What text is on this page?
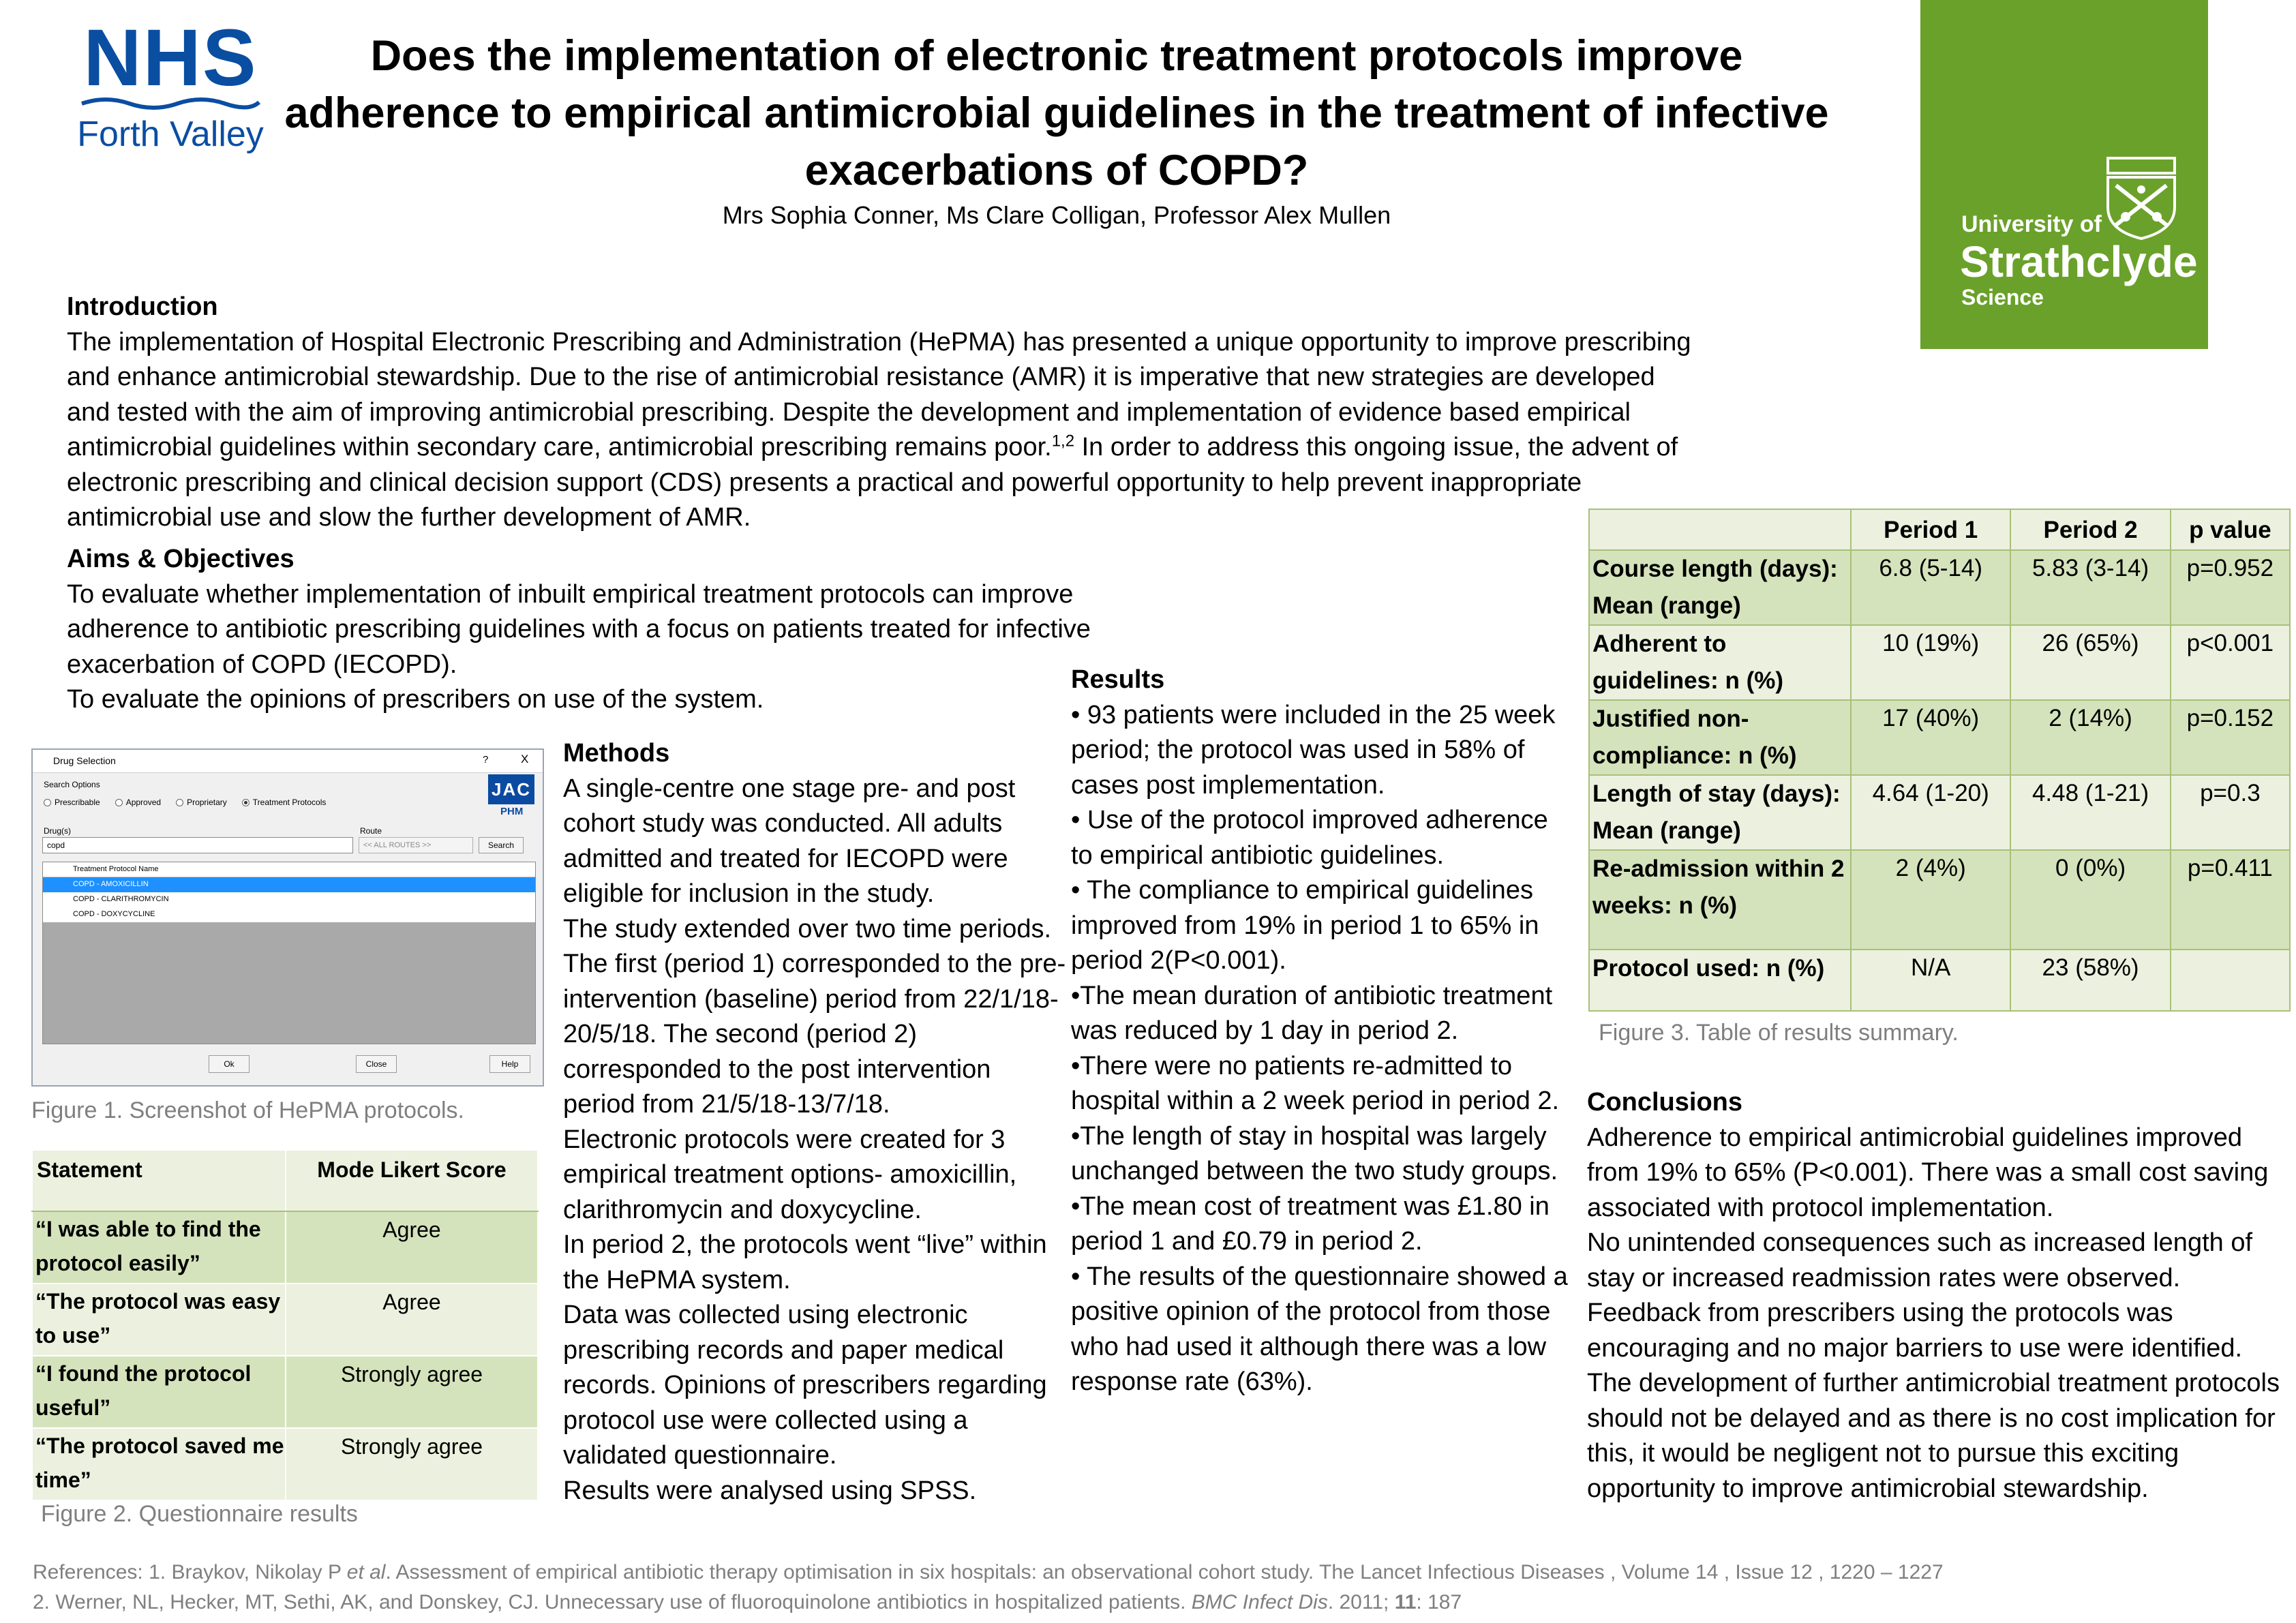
NHS
Forth Valley
Does the implementation of electronic treatment protocols improve adherence to empirical antimicrobial guidelines in the treatment of infective exacerbations of COPD?
Mrs Sophia Conner, Ms Clare Colligan, Professor Alex Mullen	University of
Strathclyde
Science
Introduction
The implementation of Hospital Electronic Prescribing and Administration (HePMA) has presented a unique opportunity to improve prescribing and enhance antimicrobial stewardship. Due to the rise of antimicrobial resistance (AMR) it is imperative that new strategies are developed and tested with the aim of improving antimicrobial prescribing. Despite the development and implementation of evidence based empirical antimicrobial guidelines within secondary care, antimicrobial prescribing remains poor.$^{1,2}$ In order to address this ongoing issue, the advent of electronic prescribing and clinical decision support (CDS) presents a practical and powerful opportunity to help prevent inappropriate antimicrobial use and slow the further development of AMR.
Aims & Objectives
To evaluate whether implementation of inbuilt empirical treatment protocols can improve adherence to antibiotic prescribing guidelines with a focus on patients treated for infective exacerbation of COPD (IECOPD).
To evaluate the opinions of prescribers on use of the system.
Drug Selection	?	X
Search Options
Prescribable	Approved	Proprietary	Treatment Protocols
JAC
PHM
Drug(s)	Route
copd	<< ALL ROUTES >>	Search
Treatment Protocol Name
COPD - AMOXICILLIN
COPD - CLARITHROMYCIN
COPD - DOXYCYCLINE
Ok	Close	Help
Figure 1. Screenshot of HePMA protocols.
Statement	Mode Likert Score
“I was able to find the protocol easily”	Agree
“The protocol was easy to use”	Agree
“I found the protocol useful”	Strongly agree
“The protocol saved me time”	Strongly agree
Figure 2. Questionnaire results
Methods
A single-centre one stage pre- and post cohort study was conducted. All adults admitted and treated for IECOPD were eligible for inclusion in the study.
The study extended over two time periods. The first (period 1) corresponded to the pre-intervention (baseline) period from 22/1/18-20/5/18. The second (period 2) corresponded to the post intervention period from 21/5/18-13/7/18.
Electronic protocols were created for 3 empirical treatment options- amoxicillin, clarithromycin and doxycycline.
In period 2, the protocols went “live” within the HePMA system.
Data was collected using electronic prescribing records and paper medical records. Opinions of prescribers regarding protocol use were collected using a validated questionnaire.
Results were analysed using SPSS.
Results
• 93 patients were included in the 25 week period; the protocol was used in 58% of cases post implementation.
• Use of the protocol improved adherence to empirical antibiotic guidelines.
• The compliance to empirical guidelines improved from 19% in period 1 to 65% in period 2(P<0.001).
•The mean duration of antibiotic treatment was reduced by 1 day in period 2.
•There were no patients re-admitted to hospital within a 2 week period in period 2.
•The length of stay in hospital was largely unchanged between the two study groups.
•The mean cost of treatment was £1.80 in period 1 and £0.79 in period 2.
• The results of the questionnaire showed a positive opinion of the protocol from those who had used it although there was a low response rate (63%).
	Period 1	Period 2	p value
Course length (days): Mean (range)	6.8 (5-14)	5.83 (3-14)	p=0.952
Adherent to guidelines: n (%)	10 (19%)	26 (65%)	p<0.001
Justified non-compliance: n (%)	17 (40%)	2 (14%)	p=0.152
Length of stay (days): Mean (range)	4.64 (1-20)	4.48 (1-21)	p=0.3
Re-admission within 2 weeks: n (%)	2 (4%)	0 (0%)	p=0.411
Protocol used: n (%)	N/A	23 (58%)	
Figure 3. Table of results summary.
Conclusions
Adherence to empirical antimicrobial guidelines improved from 19% to 65% (P<0.001). There was a small cost saving associated with protocol implementation.
No unintended consequences such as increased length of stay or increased readmission rates were observed.
Feedback from prescribers using the protocols was encouraging and no major barriers to use were identified.
The development of further antimicrobial treatment protocols should not be delayed and as there is no cost implication for this, it would be negligent not to pursue this exciting opportunity to improve antimicrobial stewardship.
References: 1. Braykov, Nikolay P et al. Assessment of empirical antibiotic therapy optimisation in six hospitals: an observational cohort study. The Lancet Infectious Diseases , Volume 14 , Issue 12 , 1220 – 1227
2. Werner, NL, Hecker, MT, Sethi, AK, and Donskey, CJ. Unnecessary use of fluoroquinolone antibiotics in hospitalized patients. BMC Infect Dis. 2011; 11: 187
